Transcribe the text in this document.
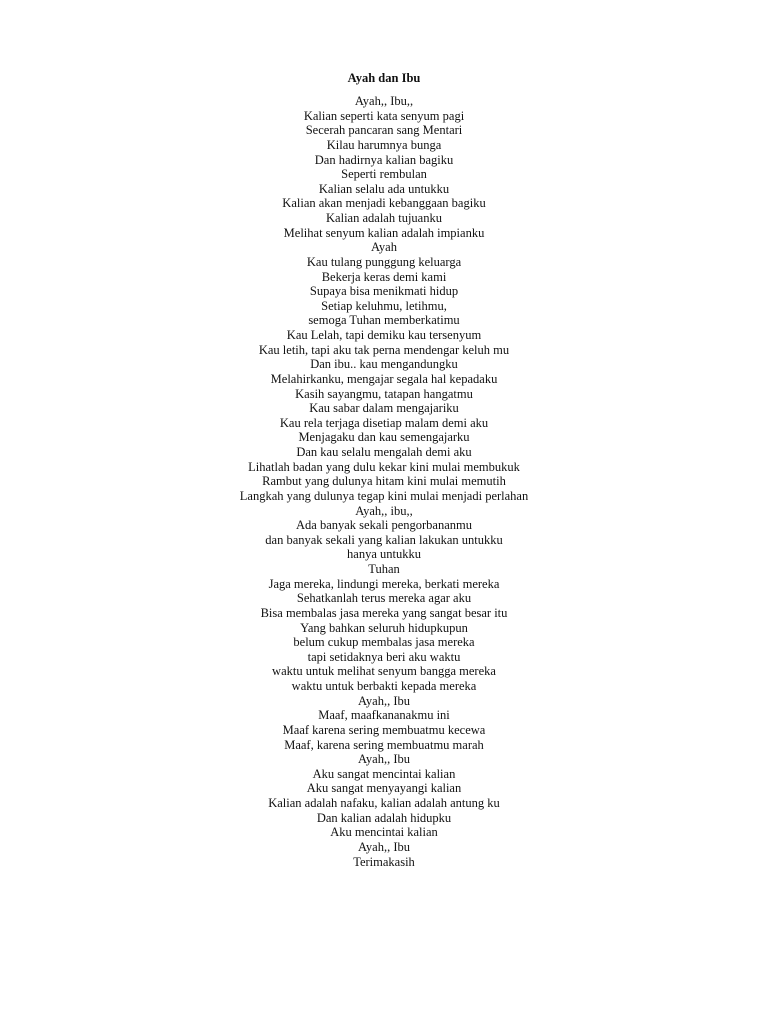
Ayah dan Ibu
Ayah,, Ibu,,
Kalian seperti kata senyum pagi
Secerah pancaran sang Mentari
Kilau harumnya bunga
Dan hadirnya kalian bagiku
Seperti rembulan
Kalian selalu ada untukku
Kalian akan menjadi kebanggaan bagiku
Kalian adalah tujuanku
Melihat senyum kalian adalah impianku
Ayah
Kau tulang punggung keluarga
Bekerja keras demi kami
Supaya bisa menikmati hidup
Setiap keluhmu, letihmu,
semoga Tuhan memberkatimu
Kau Lelah, tapi demiku kau tersenyum
Kau letih, tapi aku tak perna mendengar keluh mu
Dan ibu.. kau mengandungku
Melahirkanku, mengajar segala hal kepadaku
Kasih sayangmu, tatapan hangatmu
Kau sabar dalam mengajariku
Kau rela terjaga disetiap malam demi aku
Menjagaku dan kau semengajarku
Dan kau selalu mengalah demi aku
Lihatlah badan yang dulu kekar kini mulai membukuk
Rambut yang dulunya hitam kini mulai memutih
Langkah yang dulunya tegap kini mulai menjadi perlahan
Ayah,, ibu,,
Ada banyak sekali pengorbananmu
dan banyak sekali yang kalian lakukan untukku
hanya untukku
Tuhan
Jaga mereka, lindungi mereka, berkati mereka
Sehatkanlah terus mereka agar aku
Bisa membalas jasa mereka yang sangat besar itu
Yang bahkan seluruh hidupkupun
belum cukup membalas jasa mereka
tapi setidaknya beri aku waktu
waktu untuk melihat senyum bangga mereka
waktu untuk berbakti kepada mereka
Ayah,, Ibu
Maaf, maafkananakmu ini
Maaf karena sering membuatmu kecewa
Maaf, karena sering membuatmu marah
Ayah,, Ibu
Aku sangat mencintai kalian
Aku sangat menyayangi kalian
Kalian adalah nafaku, kalian adalah antung ku
Dan kalian adalah hidupku
Aku mencintai kalian
Ayah,, Ibu
Terimakasih
